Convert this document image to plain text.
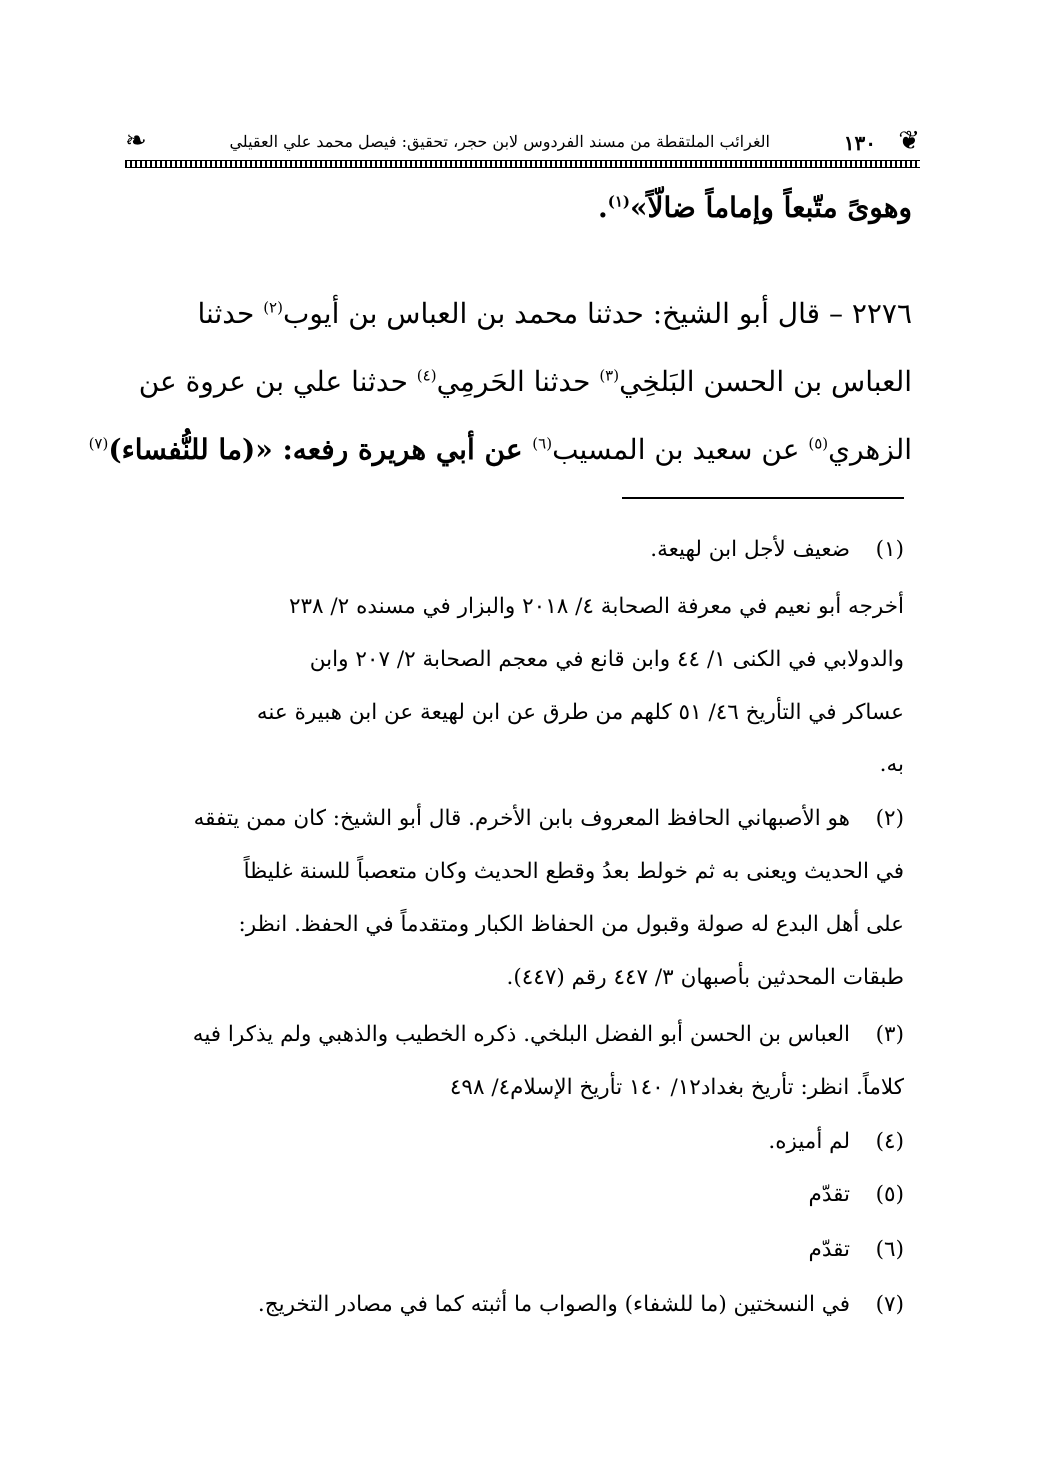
❦
١٣٠
الغرائب الملتقطة من مسند الفردوس لابن حجر، تحقيق: فيصل محمد علي العقيلي
❧
وهوىً متّبعاً وإماماً ضالّاً»$^{(١)}$.
٢٢٧٦ – قال أبو الشيخ: حدثنا محمد بن العباس بن أيوب$^{(٢)}$ حدثنا
العباس بن الحسن البَلخِي$^{(٣)}$ حدثنا الحَرمِي$^{(٤)}$ حدثنا علي بن عروة عن
الزهري$^{(٥)}$ عن سعيد بن المسيب$^{(٦)}$ عن أبي هريرة رفعه: «(ما للنُّفساء)$^{(٧)}$
(١)
ضعيف لأجل ابن لهيعة.
أخرجه أبو نعيم في معرفة الصحابة ٤/ ٢٠١٨ والبزار في مسنده ٢/ ٢٣٨
والدولابي في الكنى ١/ ٤٤ وابن قانع في معجم الصحابة ٢/ ٢٠٧ وابن
عساكر في التأريخ ٤٦/ ٥١ كلهم من طرق عن ابن لهيعة عن ابن هبيرة عنه
به.
(٢)
هو الأصبهاني الحافظ المعروف بابن الأخرم. قال أبو الشيخ: كان ممن يتفقه
في الحديث ويعنى به ثم خولط بعدُ وقطع الحديث وكان متعصباً للسنة غليظاً
على أهل البدع له صولة وقبول من الحفاظ الكبار ومتقدماً في الحفظ. انظر:
طبقات المحدثين بأصبهان ٣/ ٤٤٧ رقم (٤٤٧).
(٣)
العباس بن الحسن أبو الفضل البلخي. ذكره الخطيب والذهبي ولم يذكرا فيه
كلاماً. انظر: تأريخ بغداد١٢/ ١٤٠ تأريخ الإسلام٤/ ٤٩٨
(٤)
لم أميزه.
(٥)
تقدّم
(٦)
تقدّم
(٧)
في النسختين (ما للشفاء) والصواب ما أثبته كما في مصادر التخريج.
